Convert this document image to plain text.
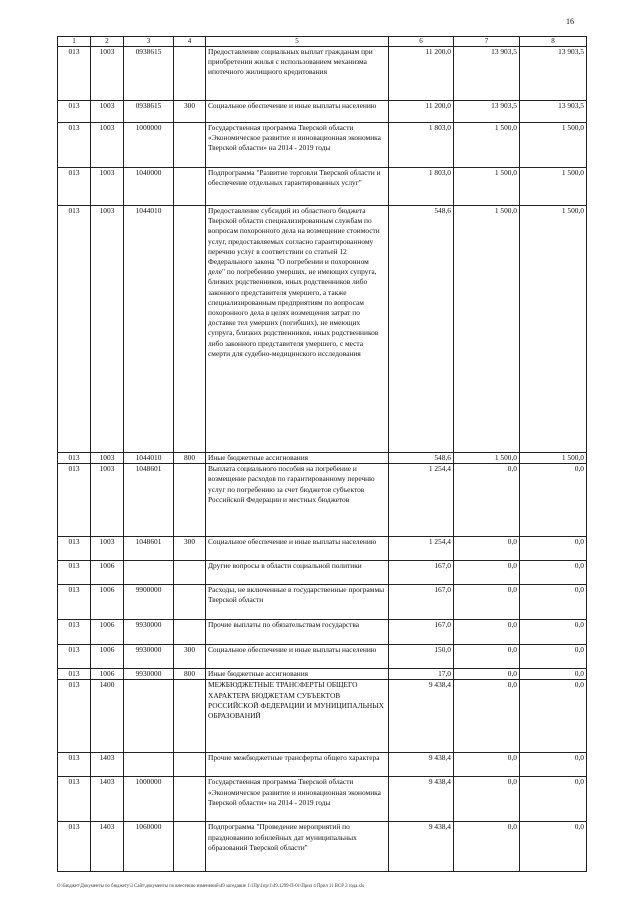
16
1	2	3	4	5	6	7	8
013	1003	0938615		Предоставление социальных выплат гражданам при приобретении жилья с использованием механизма ипотечного жилищного кредитования	11 200,0	13 903,5	13 903,5
013	1003	0938615	300	Социальное обеспечение и иные выплаты населению	11 200,0	13 903,5	13 903,5
013	1003	1000000		Государственная программа Тверской области «Экономическое развитие и инновационная экономика Тверской области» на 2014 - 2019 годы	1 803,0	1 500,0	1 500,0
013	1003	1040000		Подпрограмма "Развитие торговли Тверской области и обеспечение отдельных гарантированных услуг"	1 803,0	1 500,0	1 500,0
013	1003	1044010		Предоставление субсидий из областного бюджета Тверской области специализированным службам по вопросам похоронного дела на возмещение стоимости услуг, предоставляемых согласно гарантированному перечню услуг в соответствии со статьей 12 Федерального закона "О погребении и похоронном деле" по погребению умерших, не имеющих супруга, близких родственников, иных родственников либо законного представителя умершего, а также специализированным предприятиям по вопросам похоронного дела в целях возмещения затрат по доставке тел умерших (погибших), не имеющих супруга, близких родственников, иных родственников либо законного представителя умершего, с места смерти для судебно-медицинского исследования	548,6	1 500,0	1 500,0
013	1003	1044010	800	Иные бюджетные ассигнования	548,6	1 500,0	1 500,0
013	1003	1048601		Выплата социального пособия на погребение и возмещение расходов по гарантированному перечню услуг по погребению за счет бюджетов субъектов Российской Федерации и местных бюджетов	1 254,4	0,0	0,0
013	1003	1048601	300	Социальное обеспечение и иные выплаты населению	1 254,4	0,0	0,0
013	1006			Другие вопросы в области социальной политики	167,0	0,0	0,0
013	1006	9900000		Расходы, не включенные в государственные программы Тверской области	167,0	0,0	0,0
013	1006	9930000		Прочие выплаты по обязательствам государства	167,0	0,0	0,0
013	1006	9930000	300	Социальное обеспечение и иные выплаты населению	150,0	0,0	0,0
013	1006	9930000	800	Иные бюджетные ассигнования	17,0	0,0	0,0
013	1400			МЕЖБЮДЖЕТНЫЕ ТРАНСФЕРТЫ ОБЩЕГО ХАРАКТЕРА БЮДЖЕТАМ СУБЪЕКТОВ РОССИЙСКОЙ ФЕДЕРАЦИИ И МУНИЦИПАЛЬНЫХ ОБРАЗОВАНИЙ	9 438,4	0,0	0,0
013	1403			Прочие межбюджетные трансферты общего характера	9 438,4	0,0	0,0
013	1403	1000000		Государственная программа Тверской области «Экономическое развитие и инновационная экономика Тверской области» на 2014 - 2019 годы	9 438,4	0,0	0,0
013	1403	1060000		Подпрограмма "Проведение мероприятий по празднованию юбилейных дат муниципальных образований Тверской области"	9 438,4	0,0	0,0
O:\Бюджет\Документы по бюджету\3 Сайт\документы по внесению изменений\49 заседание 1\1Пр\1пр\1\49.1299-П-01\Прил 4 Прил 11 ВСР 3 года.xls
